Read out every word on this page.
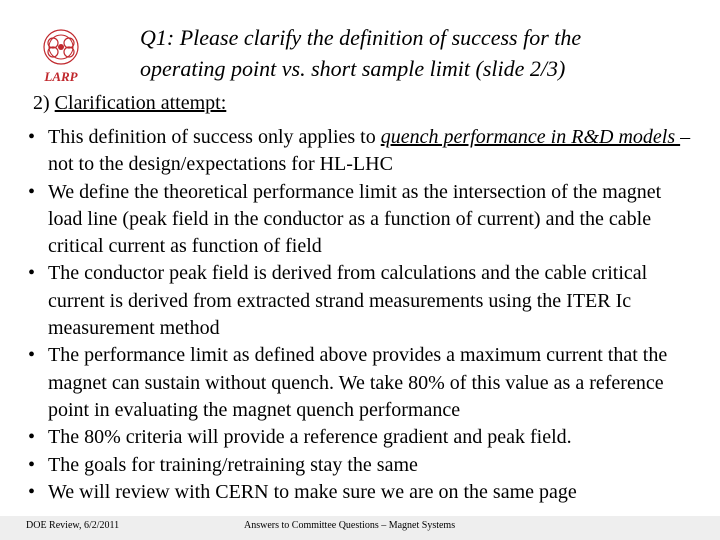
LARP
Q1: Please clarify the definition of success for the
operating point vs. short sample limit (slide 2/3)
2) Clarification attempt:
• This definition of success only applies to quench performance in R&D models – not to the design/expectations for HL-LHC
• We define the theoretical performance limit as the intersection of the magnet load line (peak field in the conductor as a function of current) and the cable critical current as function of field
• The conductor peak field is derived from calculations and the cable critical current is derived from extracted strand measurements using the ITER Ic measurement method
• The performance limit as defined above provides a maximum current that the magnet can sustain without quench. We take 80% of this value as a reference point in evaluating the magnet quench performance
• The 80% criteria will provide a reference gradient and peak field.
• The goals for training/retraining stay the same
• We will review with CERN to make sure we are on the same page
DOE Review, 6/2/2011	Answers to Committee Questions – Magnet Systems
